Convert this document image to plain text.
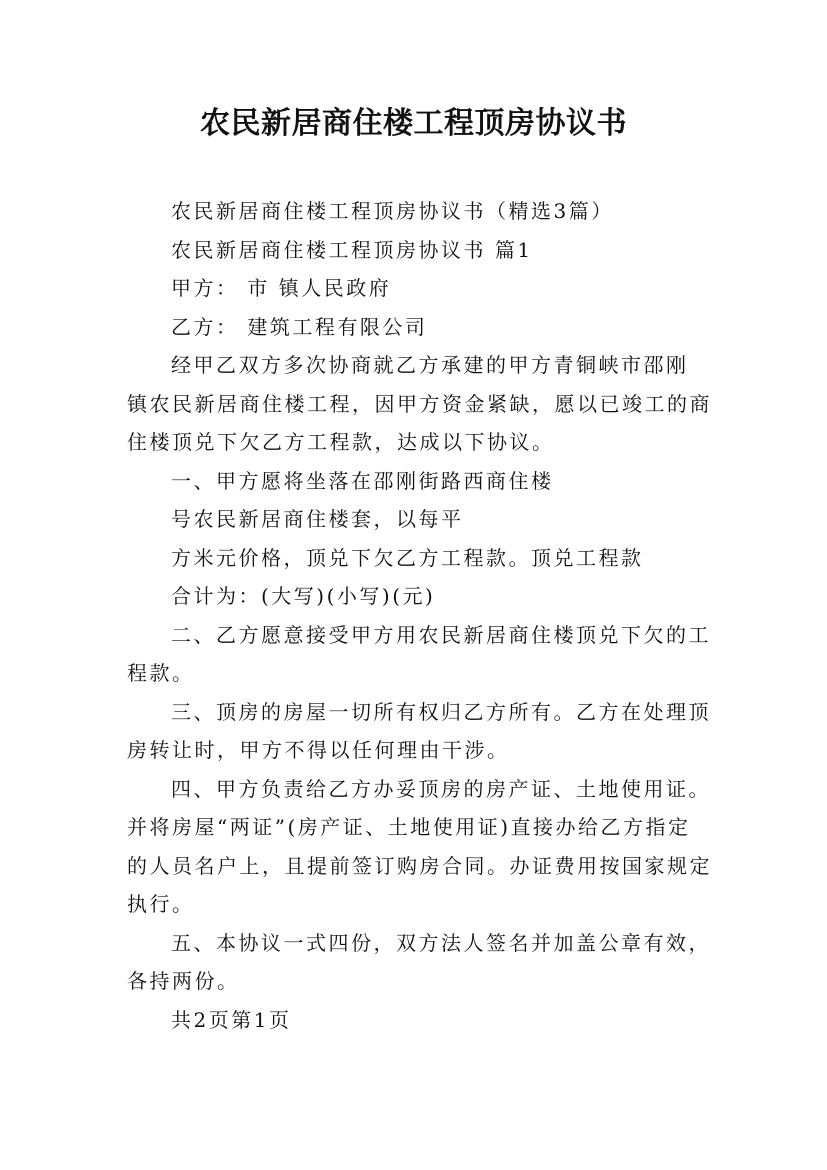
农民新居商住楼工程顶房协议书

农民新居商住楼工程顶房协议书（精选3篇）

农民新居商住楼工程顶房协议书 篇1

甲方： 市 镇人民政府

乙方： 建筑工程有限公司

经甲乙双方多次协商就乙方承建的甲方青铜峡市邵刚

镇农民新居商住楼工程，因甲方资金紧缺，愿以已竣工的商

住楼顶兑下欠乙方工程款，达成以下协议。

一、甲方愿将坐落在邵刚街路西商住楼

号农民新居商住楼套，以每平

方米元价格，顶兑下欠乙方工程款。顶兑工程款

合计为：(大写)(小写)(元)

二、乙方愿意接受甲方用农民新居商住楼顶兑下欠的工

程款。

三、顶房的房屋一切所有权归乙方所有。乙方在处理顶

房转让时，甲方不得以任何理由干涉。

四、甲方负责给乙方办妥顶房的房产证、土地使用证。

并将房屋“两证”(房产证、土地使用证)直接办给乙方指定

的人员名户上，且提前签订购房合同。办证费用按国家规定

执行。

五、本协议一式四份，双方法人签名并加盖公章有效，

各持两份。

共2页第1页
